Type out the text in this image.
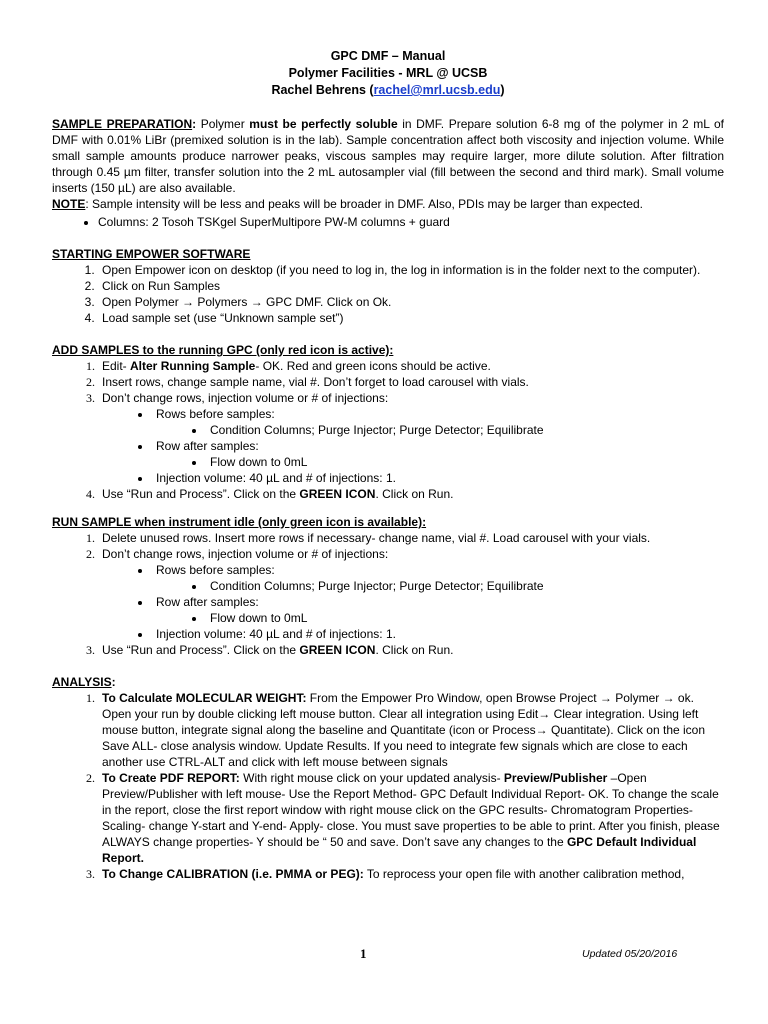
GPC DMF – Manual
Polymer Facilities - MRL @ UCSB
Rachel Behrens (rachel@mrl.ucsb.edu)
SAMPLE PREPARATION: Polymer must be perfectly soluble in DMF. Prepare solution 6-8 mg of the polymer in 2 mL of DMF with 0.01% LiBr (premixed solution is in the lab). Sample concentration affect both viscosity and injection volume. While small sample amounts produce narrower peaks, viscous samples may require larger, more dilute solution. After filtration through 0.45 µm filter, transfer solution into the 2 mL autosampler vial (fill between the second and third mark). Small volume inserts (150 µL) are also available.
NOTE: Sample intensity will be less and peaks will be broader in DMF. Also, PDIs may be larger than expected.
• Columns: 2 Tosoh TSKgel SuperMultipore PW-M columns + guard
STARTING EMPOWER SOFTWARE
1. Open Empower icon on desktop (if you need to log in, the log in information is in the folder next to the computer).
2. Click on Run Samples
3. Open Polymer → Polymers → GPC DMF. Click on Ok.
4. Load sample set (use “Unknown sample set”)
ADD SAMPLES to the running GPC (only red icon is active):
1. Edit- Alter Running Sample- OK. Red and green icons should be active.
2. Insert rows, change sample name, vial #. Don’t forget to load carousel with vials.
3. Don’t change rows, injection volume or # of injections:
• Rows before samples:
• Condition Columns; Purge Injector; Purge Detector; Equilibrate
• Row after samples:
• Flow down to 0mL
• Injection volume: 40 µL and # of injections: 1.
4. Use “Run and Process”. Click on the GREEN ICON. Click on Run.
RUN SAMPLE when instrument idle (only green icon is available):
1. Delete unused rows. Insert more rows if necessary- change name, vial #. Load carousel with your vials.
2. Don’t change rows, injection volume or # of injections:
• Rows before samples:
• Condition Columns; Purge Injector; Purge Detector; Equilibrate
• Row after samples:
• Flow down to 0mL
• Injection volume: 40 µL and # of injections: 1.
3. Use “Run and Process”. Click on the GREEN ICON. Click on Run.
ANALYSIS:
1. To Calculate MOLECULAR WEIGHT: From the Empower Pro Window, open Browse Project → Polymer → ok. Open your run by double clicking left mouse button. Clear all integration using Edit→ Clear integration. Using left mouse button, integrate signal along the baseline and Quantitate (icon or Process→ Quantitate). Click on the icon Save ALL- close analysis window. Update Results. If you need to integrate few signals which are close to each another use CTRL-ALT and click with left mouse between signals
2. To Create PDF REPORT: With right mouse click on your updated analysis- Preview/Publisher –Open Preview/Publisher with left mouse- Use the Report Method- GPC Default Individual Report- OK. To change the scale in the report, close the first report window with right mouse click on the GPC results- Chromatogram Properties- Scaling- change Y-start and Y-end- Apply- close. You must save properties to be able to print. After you finish, please ALWAYS change properties- Y should be “ 50 and save. Don’t save any changes to the GPC Default Individual Report.
3. To Change CALIBRATION (i.e. PMMA or PEG): To reprocess your open file with another calibration method,
1	Updated 05/20/2016
